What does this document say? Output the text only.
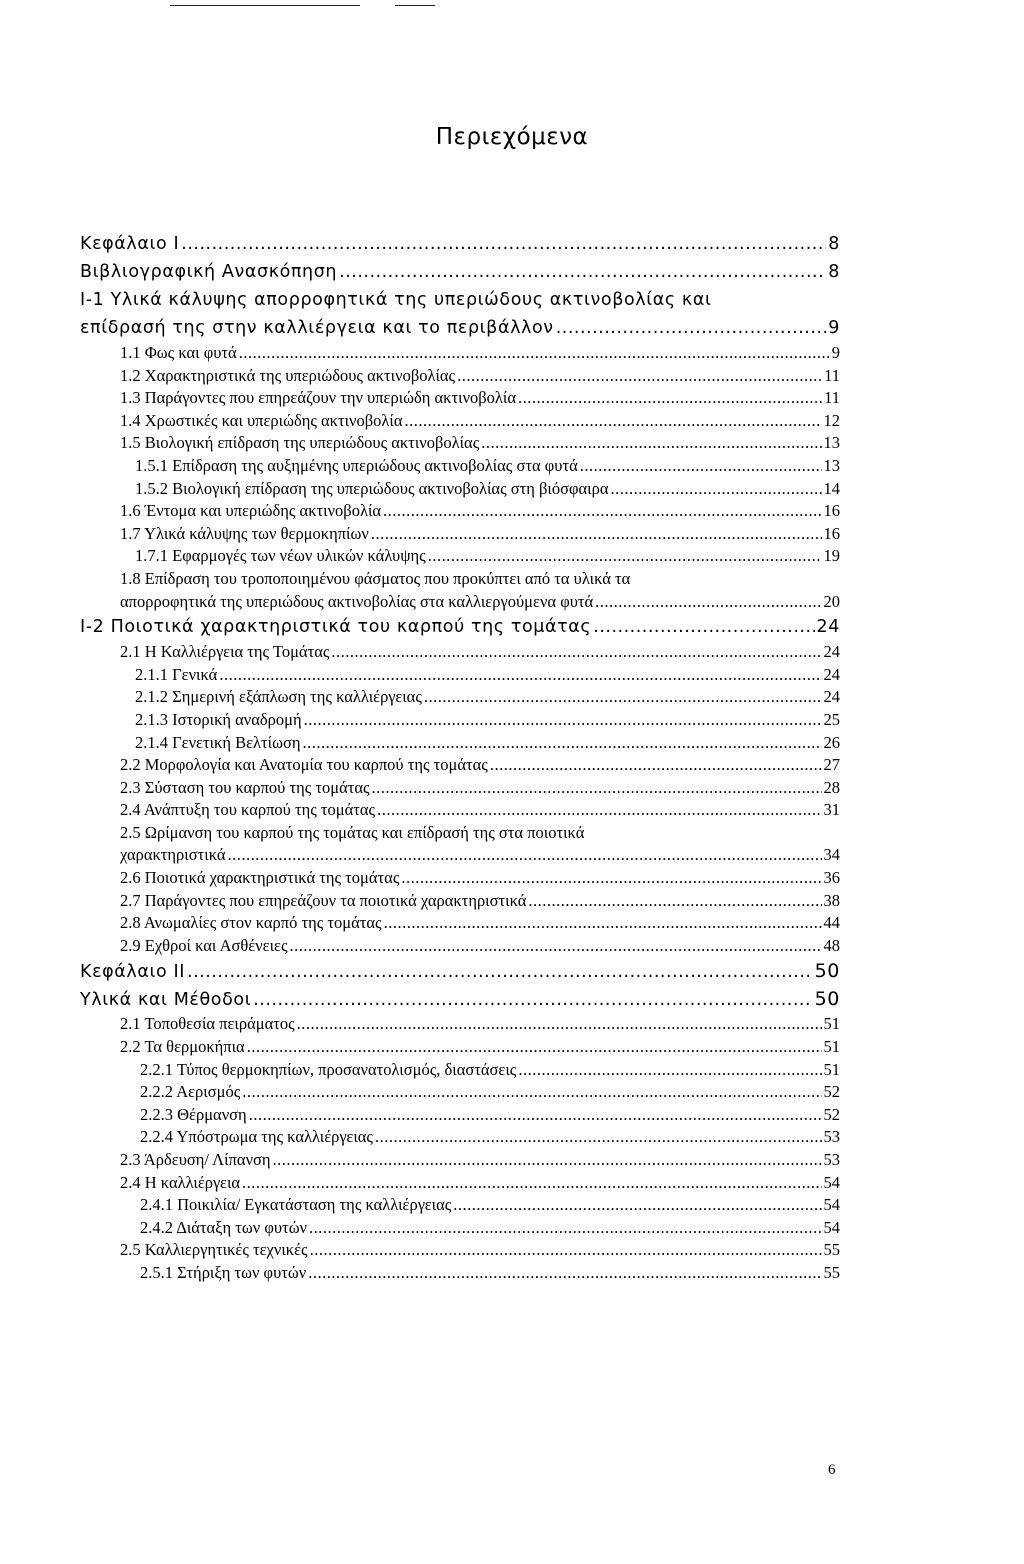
Περιεχόμενα
Κεφάλαιο Ι .....	8
Βιβλιογραφική Ανασκόπηση .....	8
Ι-1 Υλικά κάλυψης απορροφητικά της υπεριώδους ακτινοβολίας και
επίδρασή της στην καλλιέργεια και το περιβάλλον .....	9
1.1 Φως και φυτά .....	9
1.2 Χαρακτηριστικά της υπεριώδους ακτινοβολίας .....	11
1.3 Παράγοντες που επηρεάζουν την υπεριώδη ακτινοβολία .....	11
1.4 Χρωστικές και υπεριώδης ακτινοβολία .....	12
1.5 Βιολογική επίδραση της υπεριώδους ακτινοβολίας .....	13
1.5.1 Επίδραση της αυξημένης υπεριώδους ακτινοβολίας στα φυτά .....	13
1.5.2 Βιολογική επίδραση της υπεριώδους ακτινοβολίας στη βιόσφαιρα .....	14
1.6 Έντομα και υπεριώδης ακτινοβολία .....	16
1.7 Υλικά κάλυψης των θερμοκηπίων .....	16
1.7.1 Εφαρμογές των νέων υλικών κάλυψης .....	19
1.8 Επίδραση του τροποποιημένου φάσματος που προκύπτει από τα υλικά τα
απορροφητικά της υπεριώδους ακτινοβολίας στα καλλιεργούμενα φυτά .....	20
Ι-2 Ποιοτικά χαρακτηριστικά του καρπού της τομάτας .....	24
2.1 Η Καλλιέργεια της Τομάτας .....	24
2.1.1 Γενικά .....	24
2.1.2 Σημερινή εξάπλωση της καλλιέργειας .....	24
2.1.3 Ιστορική αναδρομή .....	25
2.1.4 Γενετική Βελτίωση .....	26
2.2 Μορφολογία και Ανατομία του καρπού της τομάτας .....	27
2.3 Σύσταση του καρπού της τομάτας .....	28
2.4 Ανάπτυξη του καρπού της τομάτας .....	31
2.5 Ωρίμανση του καρπού της τομάτας και επίδρασή της στα ποιοτικά
χαρακτηριστικά .....	34
2.6 Ποιοτικά χαρακτηριστικά της τομάτας .....	36
2.7 Παράγοντες που επηρεάζουν τα ποιοτικά χαρακτηριστικά .....	38
2.8 Ανωμαλίες στον καρπό της τομάτας .....	44
2.9 Εχθροί και Ασθένειες .....	48
Κεφάλαιο ΙΙ .....	50
Υλικά και Μέθοδοι .....	50
2.1 Τοποθεσία πειράματος .....	51
2.2 Τα θερμοκήπια .....	51
2.2.1 Τύπος θερμοκηπίων, προσανατολισμός, διαστάσεις .....	51
2.2.2 Αερισμός .....	52
2.2.3 Θέρμανση .....	52
2.2.4 Υπόστρωμα της καλλιέργειας .....	53
2.3 Άρδευση/ Λίπανση .....	53
2.4 Η καλλιέργεια .....	54
2.4.1 Ποικιλία/ Εγκατάσταση της καλλιέργειας .....	54
2.4.2 Διάταξη των φυτών .....	54
2.5 Καλλιεργητικές τεχνικές .....	55
2.5.1 Στήριξη των φυτών .....	55
6
